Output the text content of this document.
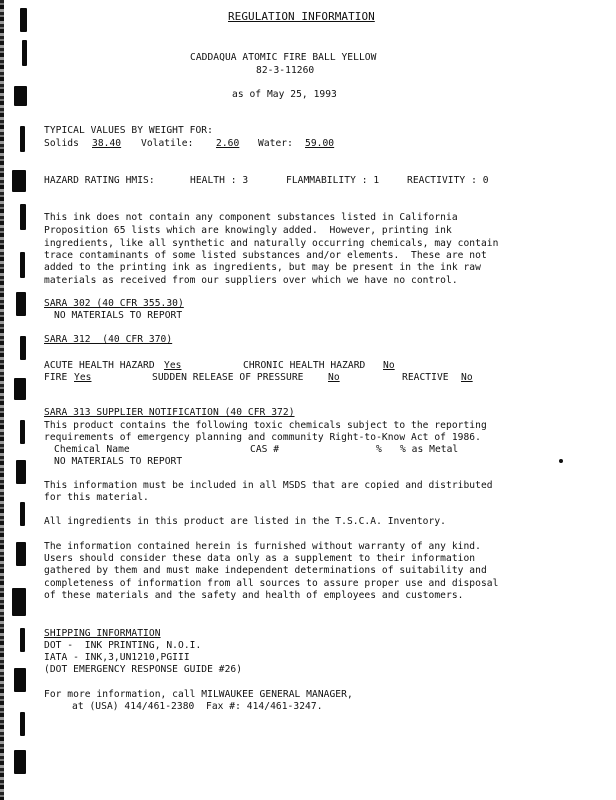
REGULATION INFORMATION
CADDAQUA ATOMIC FIRE BALL YELLOW
82-3-11260
as of May 25, 1993
TYPICAL VALUES BY WEIGHT FOR:
Solids 38.40 Volatile: 2.60 Water: 59.00
HAZARD RATING HMIS:	HEALTH : 3	FLAMMABILITY : 1	REACTIVITY : 0
This ink does not contain any component substances listed in California
Proposition 65 lists which are knowingly added.  However, printing ink
ingredients, like all synthetic and naturally occurring chemicals, may contain
trace contaminants of some listed substances and/or elements.  These are not
added to the printing ink as ingredients, but may be present in the ink raw
materials as received from our suppliers over which we have no control.
SARA 302 (40 CFR 355.30)
NO MATERIALS TO REPORT
SARA 312  (40 CFR 370)
ACUTE HEALTH HAZARD Yes	CHRONIC HEALTH HAZARD No
FIRE Yes	SUDDEN RELEASE OF PRESSURE	No	REACTIVE No
SARA 313 SUPPLIER NOTIFICATION (40 CFR 372)
This product contains the following toxic chemicals subject to the reporting
requirements of emergency planning and community Right-to-Know Act of 1986.
Chemical Name	CAS #	% % as Metal
NO MATERIALS TO REPORT
This information must be included in all MSDS that are copied and distributed
for this material.
All ingredients in this product are listed in the T.S.C.A. Inventory.
The information contained herein is furnished without warranty of any kind.
Users should consider these data only as a supplement to their information
gathered by them and must make independent determinations of suitability and
completeness of information from all sources to assure proper use and disposal
of these materials and the safety and health of employees and customers.
SHIPPING INFORMATION
DOT -  INK PRINTING, N.O.I.
IATA - INK,3,UN1210,PGIII
(DOT EMERGENCY RESPONSE GUIDE #26)
For more information, call MILWAUKEE GENERAL MANAGER,
at (USA) 414/461-2380  Fax #: 414/461-3247.
